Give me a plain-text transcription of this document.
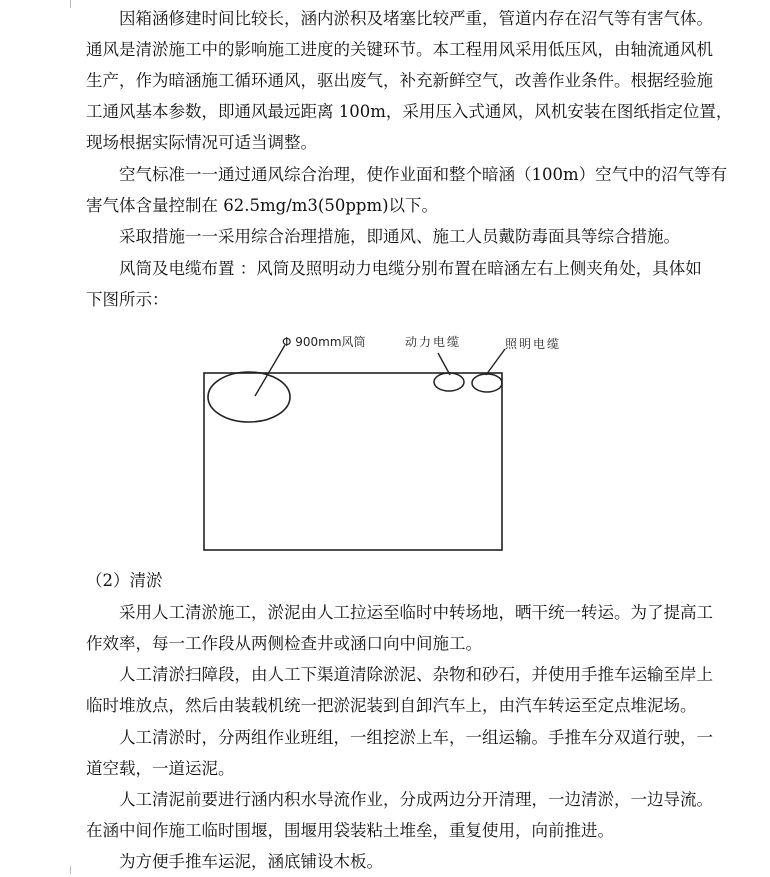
因箱涵修建时间比较长，涵内淤积及堵塞比较严重，管道内存在沼气等有害气体。
通风是清淤施工中的影响施工进度的关键环节。本工程用风采用低压风，由轴流通风机
生产，作为暗涵施工循环通风，驱出废气，补充新鲜空气，改善作业条件。根据经验施
工通风基本参数，即通风最远距离 100m，采用压入式通风，风机安装在图纸指定位置，
现场根据实际情况可适当调整。
空气标准一一通过通风综合治理，使作业面和整个暗涵（100m）空气中的沼气等有
害气体含量控制在 62.5mg/m3(50ppm)以下。
采取措施一一采用综合治理措施，即通风、施工人员戴防毒面具等综合措施。
风筒及电缆布置 ：风筒及照明动力电缆分别布置在暗涵左右上侧夹角处，具体如
下图所示：
Φ 900mm风筒	动力电缆	照明电缆
（2）清淤
采用人工清淤施工，淤泥由人工拉运至临时中转场地，晒干统一转运。为了提高工
作效率，每一工作段从两侧检查井或涵口向中间施工。
人工清淤扫障段，由人工下渠道清除淤泥、杂物和砂石，并使用手推车运输至岸上
临时堆放点，然后由装载机统一把淤泥装到自卸汽车上，由汽车转运至定点堆泥场。
人工清淤时，分两组作业班组，一组挖淤上车，一组运输。手推车分双道行驶，一
道空载，一道运泥。
人工清泥前要进行涵内积水导流作业，分成两边分开清理，一边清淤，一边导流。
在涵中间作施工临时围堰，围堰用袋装粘土堆垒，重复使用，向前推进。
为方便手推车运泥，涵底铺设木板。
